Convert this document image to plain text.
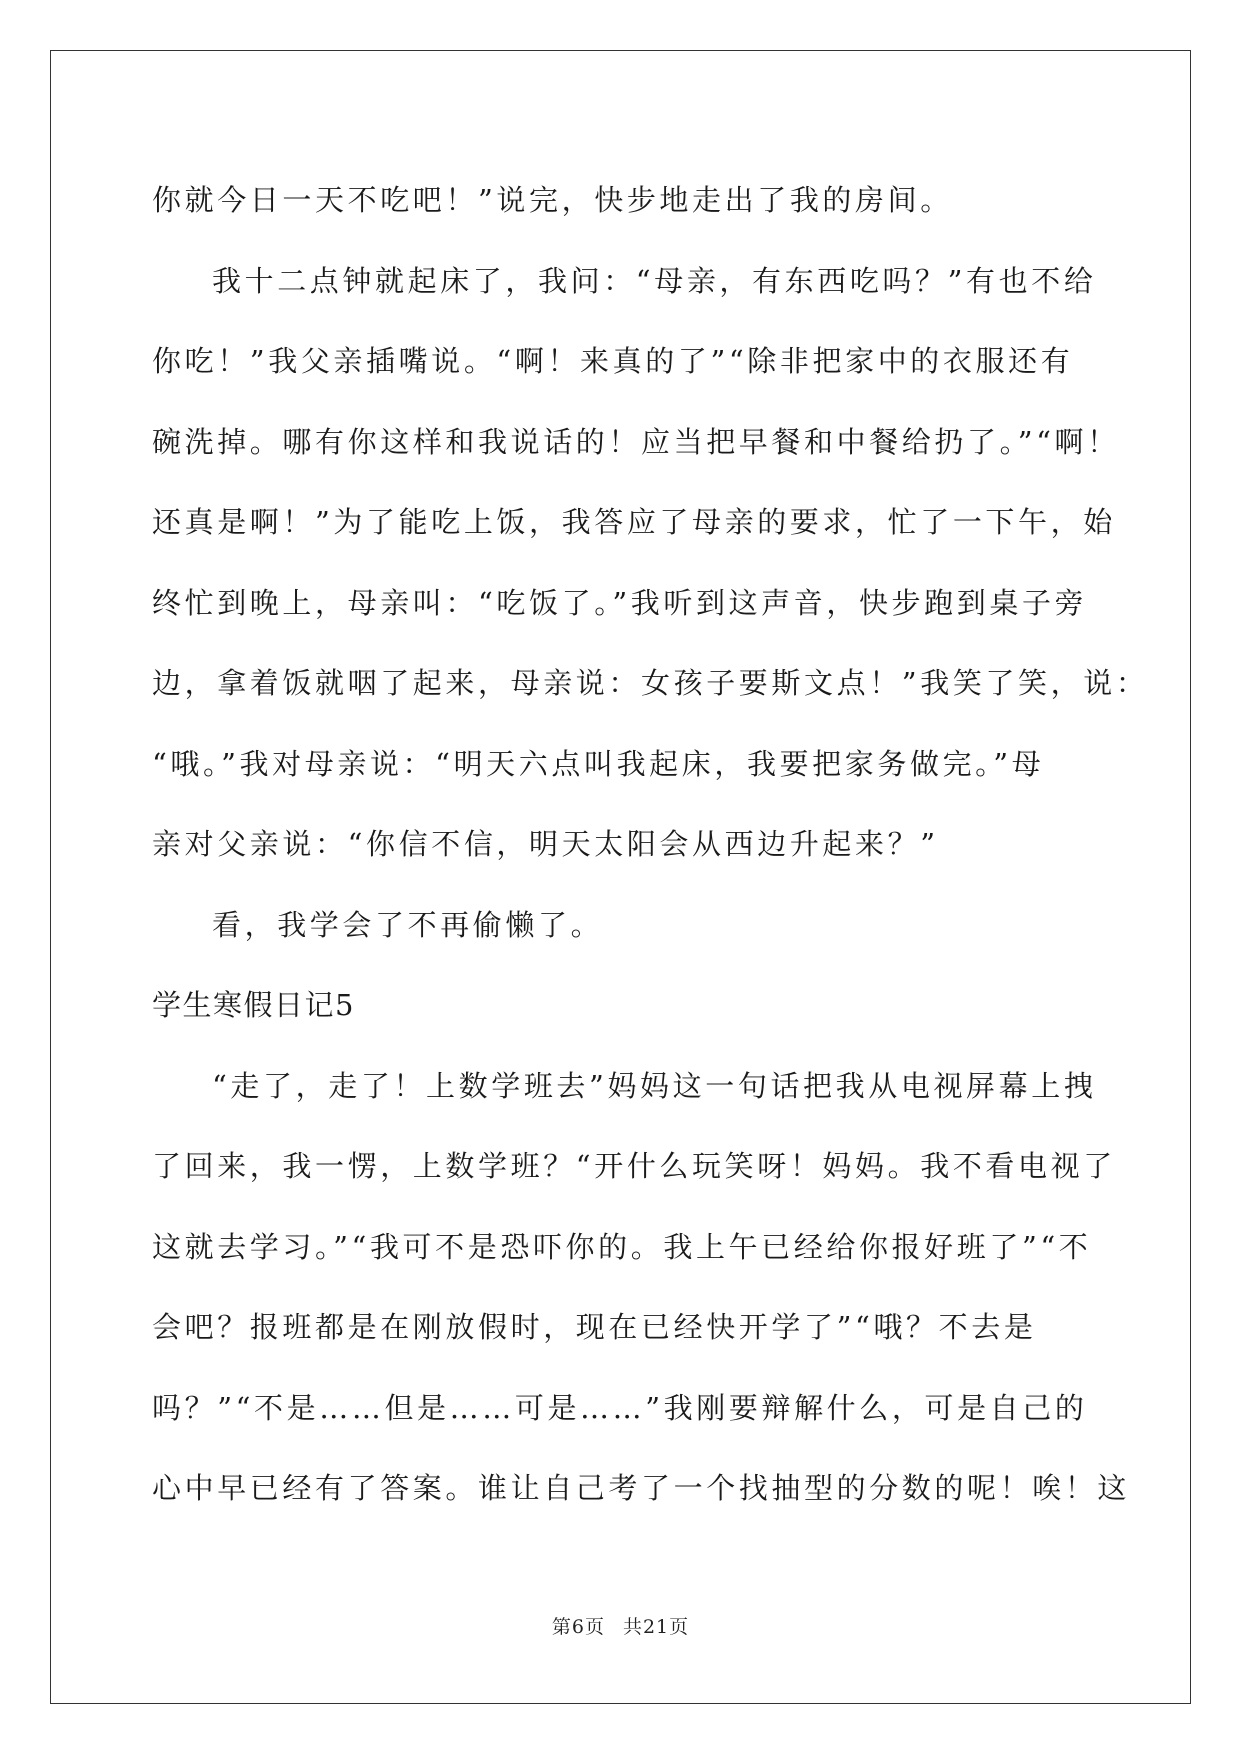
你就今日一天不吃吧！”说完，快步地走出了我的房间。
我十二点钟就起床了，我问：“母亲，有东西吃吗？”有也不给
你吃！”我父亲插嘴说。“啊！来真的了”“除非把家中的衣服还有
碗洗掉。哪有你这样和我说话的！应当把早餐和中餐给扔了。”“啊！
还真是啊！”为了能吃上饭，我答应了母亲的要求，忙了一下午，始
终忙到晚上，母亲叫：“吃饭了。”我听到这声音，快步跑到桌子旁
边，拿着饭就咽了起来，母亲说：女孩子要斯文点！”我笑了笑，说：
“哦。”我对母亲说：“明天六点叫我起床，我要把家务做完。”母
亲对父亲说：“你信不信，明天太阳会从西边升起来？”
看，我学会了不再偷懒了。
学生寒假日记5
“走了，走了！上数学班去”妈妈这一句话把我从电视屏幕上拽
了回来，我一愣，上数学班？“开什么玩笑呀！妈妈。我不看电视了
这就去学习。”“我可不是恐吓你的。我上午已经给你报好班了”“不
会吧？报班都是在刚放假时，现在已经快开学了”“哦？不去是
吗？”“不是……但是……可是……”我刚要辩解什么，可是自己的
心中早已经有了答案。谁让自己考了一个找抽型的分数的呢！唉！这
第6页 共21页
